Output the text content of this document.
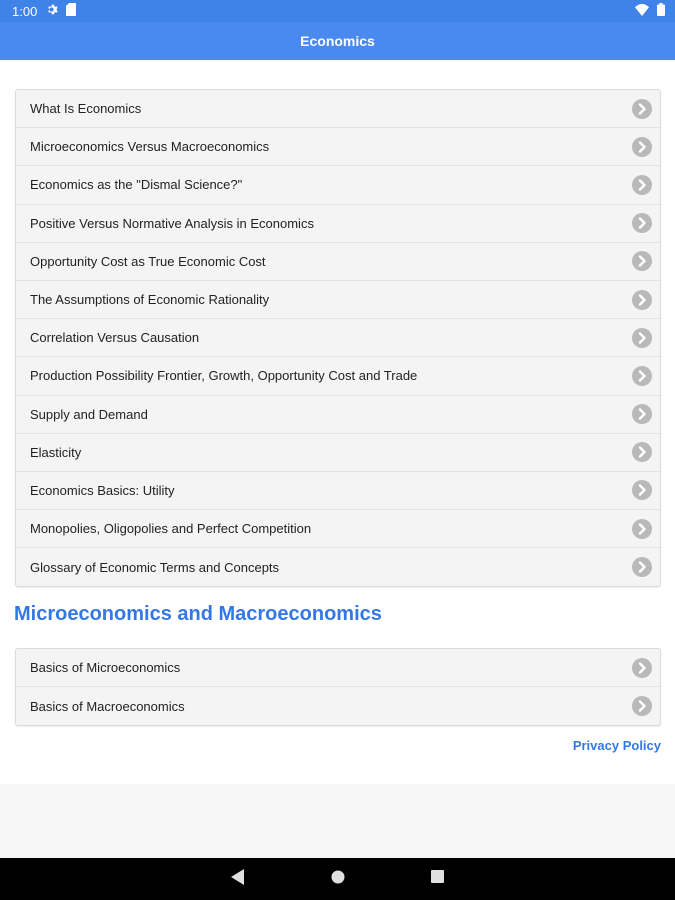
1:00
Economics
What Is Economics
Microeconomics Versus Macroeconomics
Economics as the "Dismal Science?"
Positive Versus Normative Analysis in Economics
Opportunity Cost as True Economic Cost
The Assumptions of Economic Rationality
Correlation Versus Causation
Production Possibility Frontier, Growth, Opportunity Cost and Trade
Supply and Demand
Elasticity
Economics Basics: Utility
Monopolies, Oligopolies and Perfect Competition
Glossary of Economic Terms and Concepts
Microeconomics and Macroeconomics
Basics of Microeconomics
Basics of Macroeconomics
Privacy Policy
